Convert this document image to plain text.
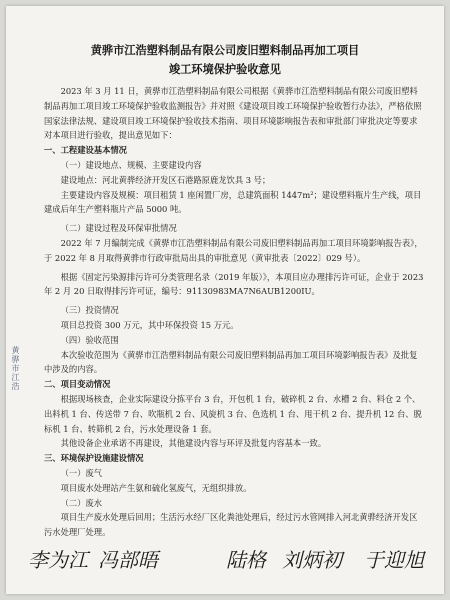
黄骅市江浩塑料制品有限公司废旧塑料制品再加工项目
竣工环境保护验收意见

2023 年 3 月 11 日，黄骅市江浩塑料制品有限公司根据《黄骅市江浩塑料制品有限公司废旧塑料制品再加工项目竣工环境保护验收监测报告》并对照《建设项目竣工环境保护验收暂行办法》，严格依照国家法律法规、建设项目竣工环境保护验收技术指南、项目环境影响报告表和审批部门审批决定等要求对本项目进行验收，提出意见如下：

一、工程建设基本情况

（一）建设地点、规模、主要建设内容

建设地点：河北黄骅经济开发区石港路原鹿龙饮具 3 号；

主要建设内容及规模：项目租赁 1 座闲置厂房，总建筑面积 1447m²；建设塑料瓶片生产线，项目建成后年生产塑料瓶片产品 5000 吨。

（二）建设过程及环保审批情况

2022 年 7 月编制完成《黄骅市江浩塑料制品有限公司废旧塑料制品再加工项目环境影响报告表》，于 2022 年 8 月取得黄骅市行政审批局出具的审批意见（黄审批表〔2022〕029 号）。

根据《固定污染源排污许可分类管理名录（2019 年版）》，本项目应办理排污许可证，企业于 2023 年 2 月 20 日取得排污许可证，编号：91130983MA7N6AUB1200IU。

（三）投资情况

项目总投资 300 万元，其中环保投资 15 万元。

（四）验收范围

本次验收范围为《黄骅市江浩塑料制品有限公司废旧塑料制品再加工项目环境影响报告表》及批复中涉及的内容。

二、项目变动情况

根据现场核查，企业实际建设分拣平台 3 台，开包机 1 台，破碎机 2 台、水槽 2 台、料仓 2 个、出料机 1 台、传送带 7 台、吹瓶机 2 台、风旋机 3 台、色选机 1 台、甩干机 2 台、提升机 12 台、脱标机 1 台、转筛机 2 台，污水处理设备 1 套。

其他设备企业承诺不再建设，其他建设内容与环评及批复内容基本一致。

三、环境保护设施建设情况

（一）废气

项目废水处理站产生氨和硫化氢废气，无组织排放。

（二）废水

项目生产废水处理后回用；生活污水经厂区化粪池处理后，经过污水管网排入河北黄骅经济开发区污水处理厂处理。

黄骅市江浩
李为江 冯部晤	陆格 刘炳初 于迎旭
